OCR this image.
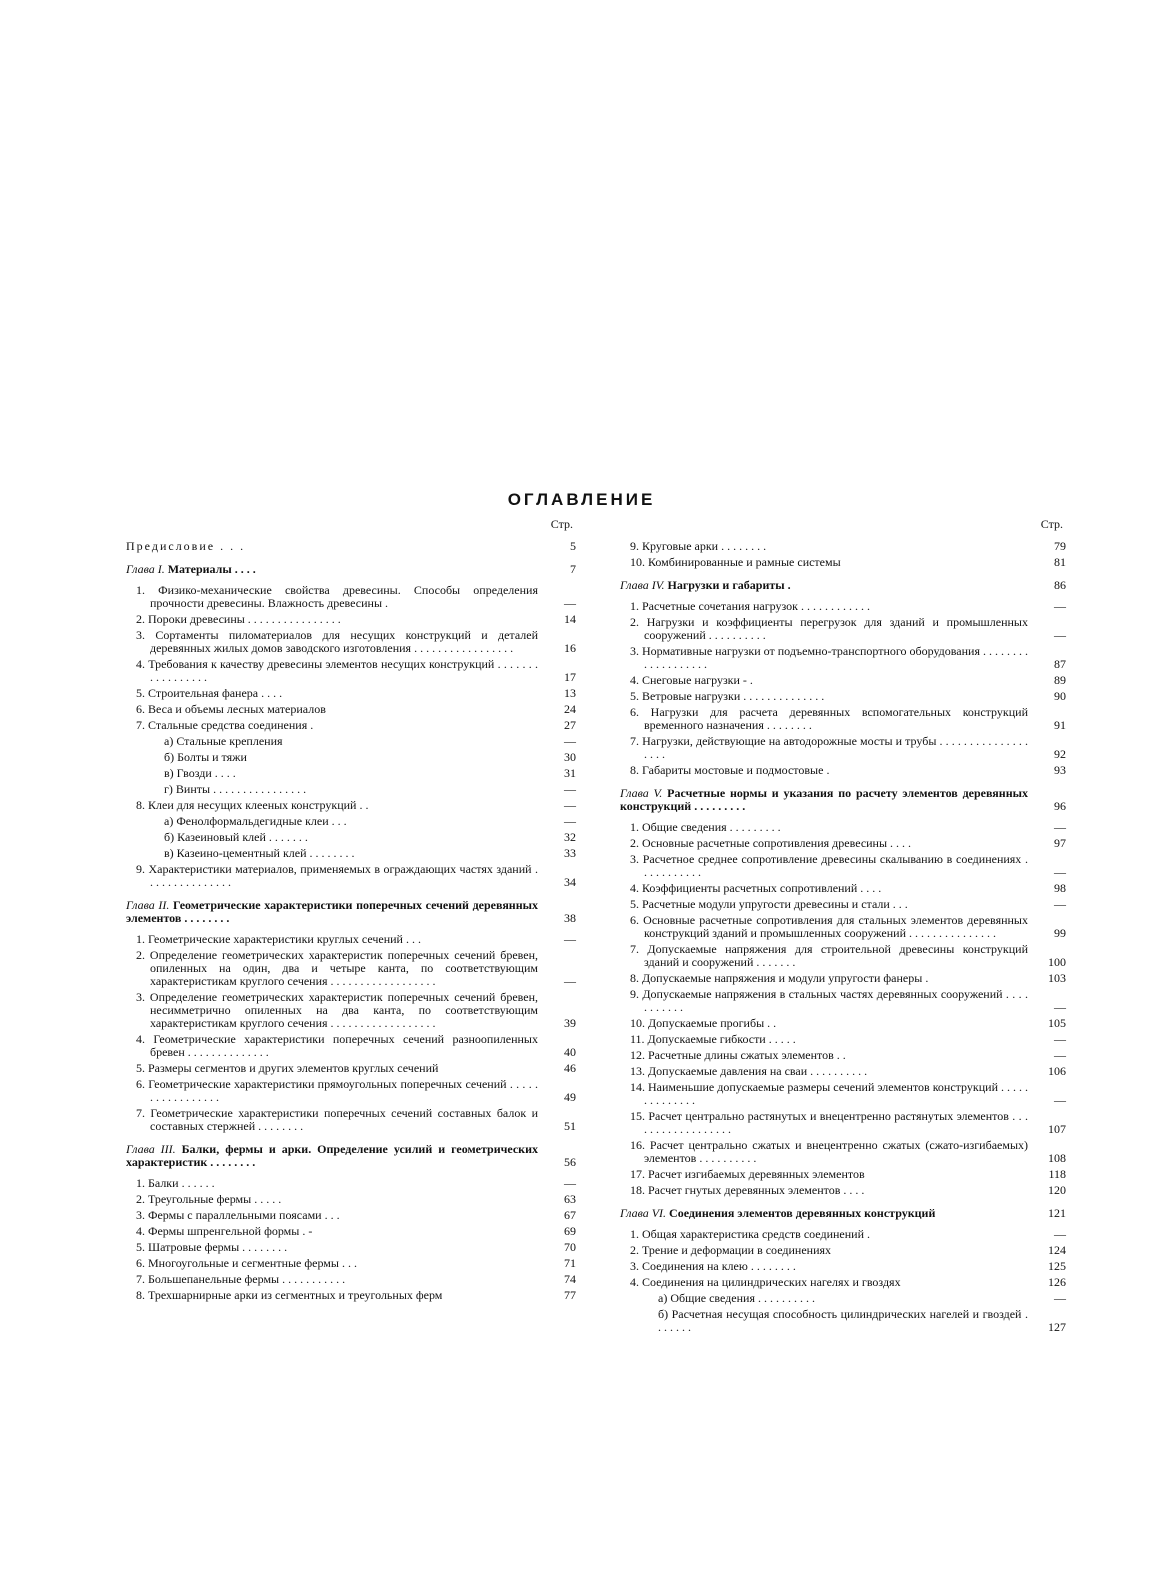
ОГЛАВЛЕНИЕ
Стр.
Предисловие . . .	5
Глава I. Материалы . . . .	7
1. Физико-механические свойства древесины. Способы определения прочности древесины. Влажность древесины .	—
2. Пороки древесины . . . . . . . . . . . . . . . .	14
3. Сортаменты пиломатериалов для несущих конструкций и деталей деревянных жилых домов заводского изготовления . . . . . . . . . . . . . . . . .	16
4. Требования к качеству древесины элементов несущих конструкций . . . . . . . . . . . . . . . . .	17
5. Строительная фанера . . . .	13
6. Веса и объемы лесных материалов	24
7. Стальные средства соединения .	27
а) Стальные крепления	—
б) Болты и тяжи	30
в) Гвозди . . . .	31
г) Винты . . . . . . . . . . . . . . . .	—
8. Клеи для несущих клееных конструкций . .	—
а) Фенолформальдегидные клеи . . .	—
б) Казеиновый клей . . . . . . .	32
в) Казеино-цементный клей . . . . . . . .	33
9. Характеристики материалов, применяемых в ограждающих частях зданий . . . . . . . . . . . . . . .	34
Глава II. Геометрические характеристики поперечных сечений деревянных элементов . . . . . . . .	38
1. Геометрические характеристики круглых сечений . . .	—
2. Определение геометрических характеристик поперечных сечений бревен, опиленных на один, два и четыре канта, по соответствующим характеристикам круглого сечения . . . . . . . . . . . . . . . . . .	—
3. Определение геометрических характеристик поперечных сечений бревен, несимметрично опиленных на два канта, по соответствующим характеристикам круглого сечения . . . . . . . . . . . . . . . . . .	39
4. Геометрические характеристики поперечных сечений разноопиленных бревен . . . . . . . . . . . . . .	40
5. Размеры сегментов и других элементов круглых сечений	46
6. Геометрические характеристики прямоугольных поперечных сечений . . . . . . . . . . . . . . . . .	49
7. Геометрические характеристики поперечных сечений составных балок и составных стержней . . . . . . . .	51
Глава III. Балки, фермы и арки. Определение усилий и геометрических характеристик . . . . . . . .	56
1. Балки . . . . . .	—
2. Треугольные фермы . . . . .	63
3. Фермы с параллельными поясами . . .	67
4. Фермы шпренгельной формы . -	69
5. Шатровые фермы . . . . . . . .	70
6. Многоугольные и сегментные фермы . . .	71
7. Большепанельные фермы . . . . . . . . . . .	74
8. Трехшарнирные арки из сегментных и треугольных ферм	77
Стр.
9. Круговые арки . . . . . . . .	79
10. Комбинированные и рамные системы	81
Глава IV. Нагрузки и габариты .	86
1. Расчетные сочетания нагрузок . . . . . . . . . . . .	—
2. Нагрузки и коэффициенты перегрузок для зданий и промышленных сооружений . . . . . . . . . .	—
3. Нормативные нагрузки от подъемно-транспортного оборудования . . . . . . . . . . . . . . . . . . .	87
4. Снеговые нагрузки - .	89
5. Ветровые нагрузки . . . . . . . . . . . . . .	90
6. Нагрузки для расчета деревянных вспомогательных конструкций временного назначения . . . . . . . .	91
7. Нагрузки, действующие на автодорожные мосты и трубы . . . . . . . . . . . . . . . . . . .	92
8. Габариты мостовые и подмостовые .	93
Глава V. Расчетные нормы и указания по расчету элементов деревянных конструкций . . . . . . . . .	96
1. Общие сведения . . . . . . . . .	—
2. Основные расчетные сопротивления древесины . . . .	97
3. Расчетное среднее сопротивление древесины скалыванию в соединениях . . . . . . . . . . .	—
4. Коэффициенты расчетных сопротивлений . . . .	98
5. Расчетные модули упругости древесины и стали . . .	—
6. Основные расчетные сопротивления для стальных элементов деревянных конструкций зданий и промышленных сооружений . . . . . . . . . . . . . . .	99
7. Допускаемые напряжения для строительной древесины конструкций зданий и сооружений . . . . . . .	100
8. Допускаемые напряжения и модули упругости фанеры .	103
9. Допускаемые напряжения в стальных частях деревянных сооружений . . . . . . . . . . .	—
10. Допускаемые прогибы . .	105
11. Допускаемые гибкости . . . . .	—
12. Расчетные длины сжатых элементов . .	—
13. Допускаемые давления на сваи . . . . . . . . . .	106
14. Наименьшие допускаемые размеры сечений элементов конструкций . . . . . . . . . . . . . .	—
15. Расчет центрально растянутых и внецентренно растянутых элементов . . . . . . . . . . . . . . . . . .	107
16. Расчет центрально сжатых и внецентренно сжатых (сжато-изгибаемых) элементов . . . . . . . . . .	108
17. Расчет изгибаемых деревянных элементов	118
18. Расчет гнутых деревянных элементов . . . .	120
Глава VI. Соединения элементов деревянных конструкций	121
1. Общая характеристика средств соединений .	—
2. Трение и деформации в соединениях	124
3. Соединения на клею . . . . . . . .	125
4. Соединения на цилиндрических нагелях и гвоздях	126
а) Общие сведения . . . . . . . . . .	—
б) Расчетная несущая способность цилиндрических нагелей и гвоздей . . . . . . .	127
